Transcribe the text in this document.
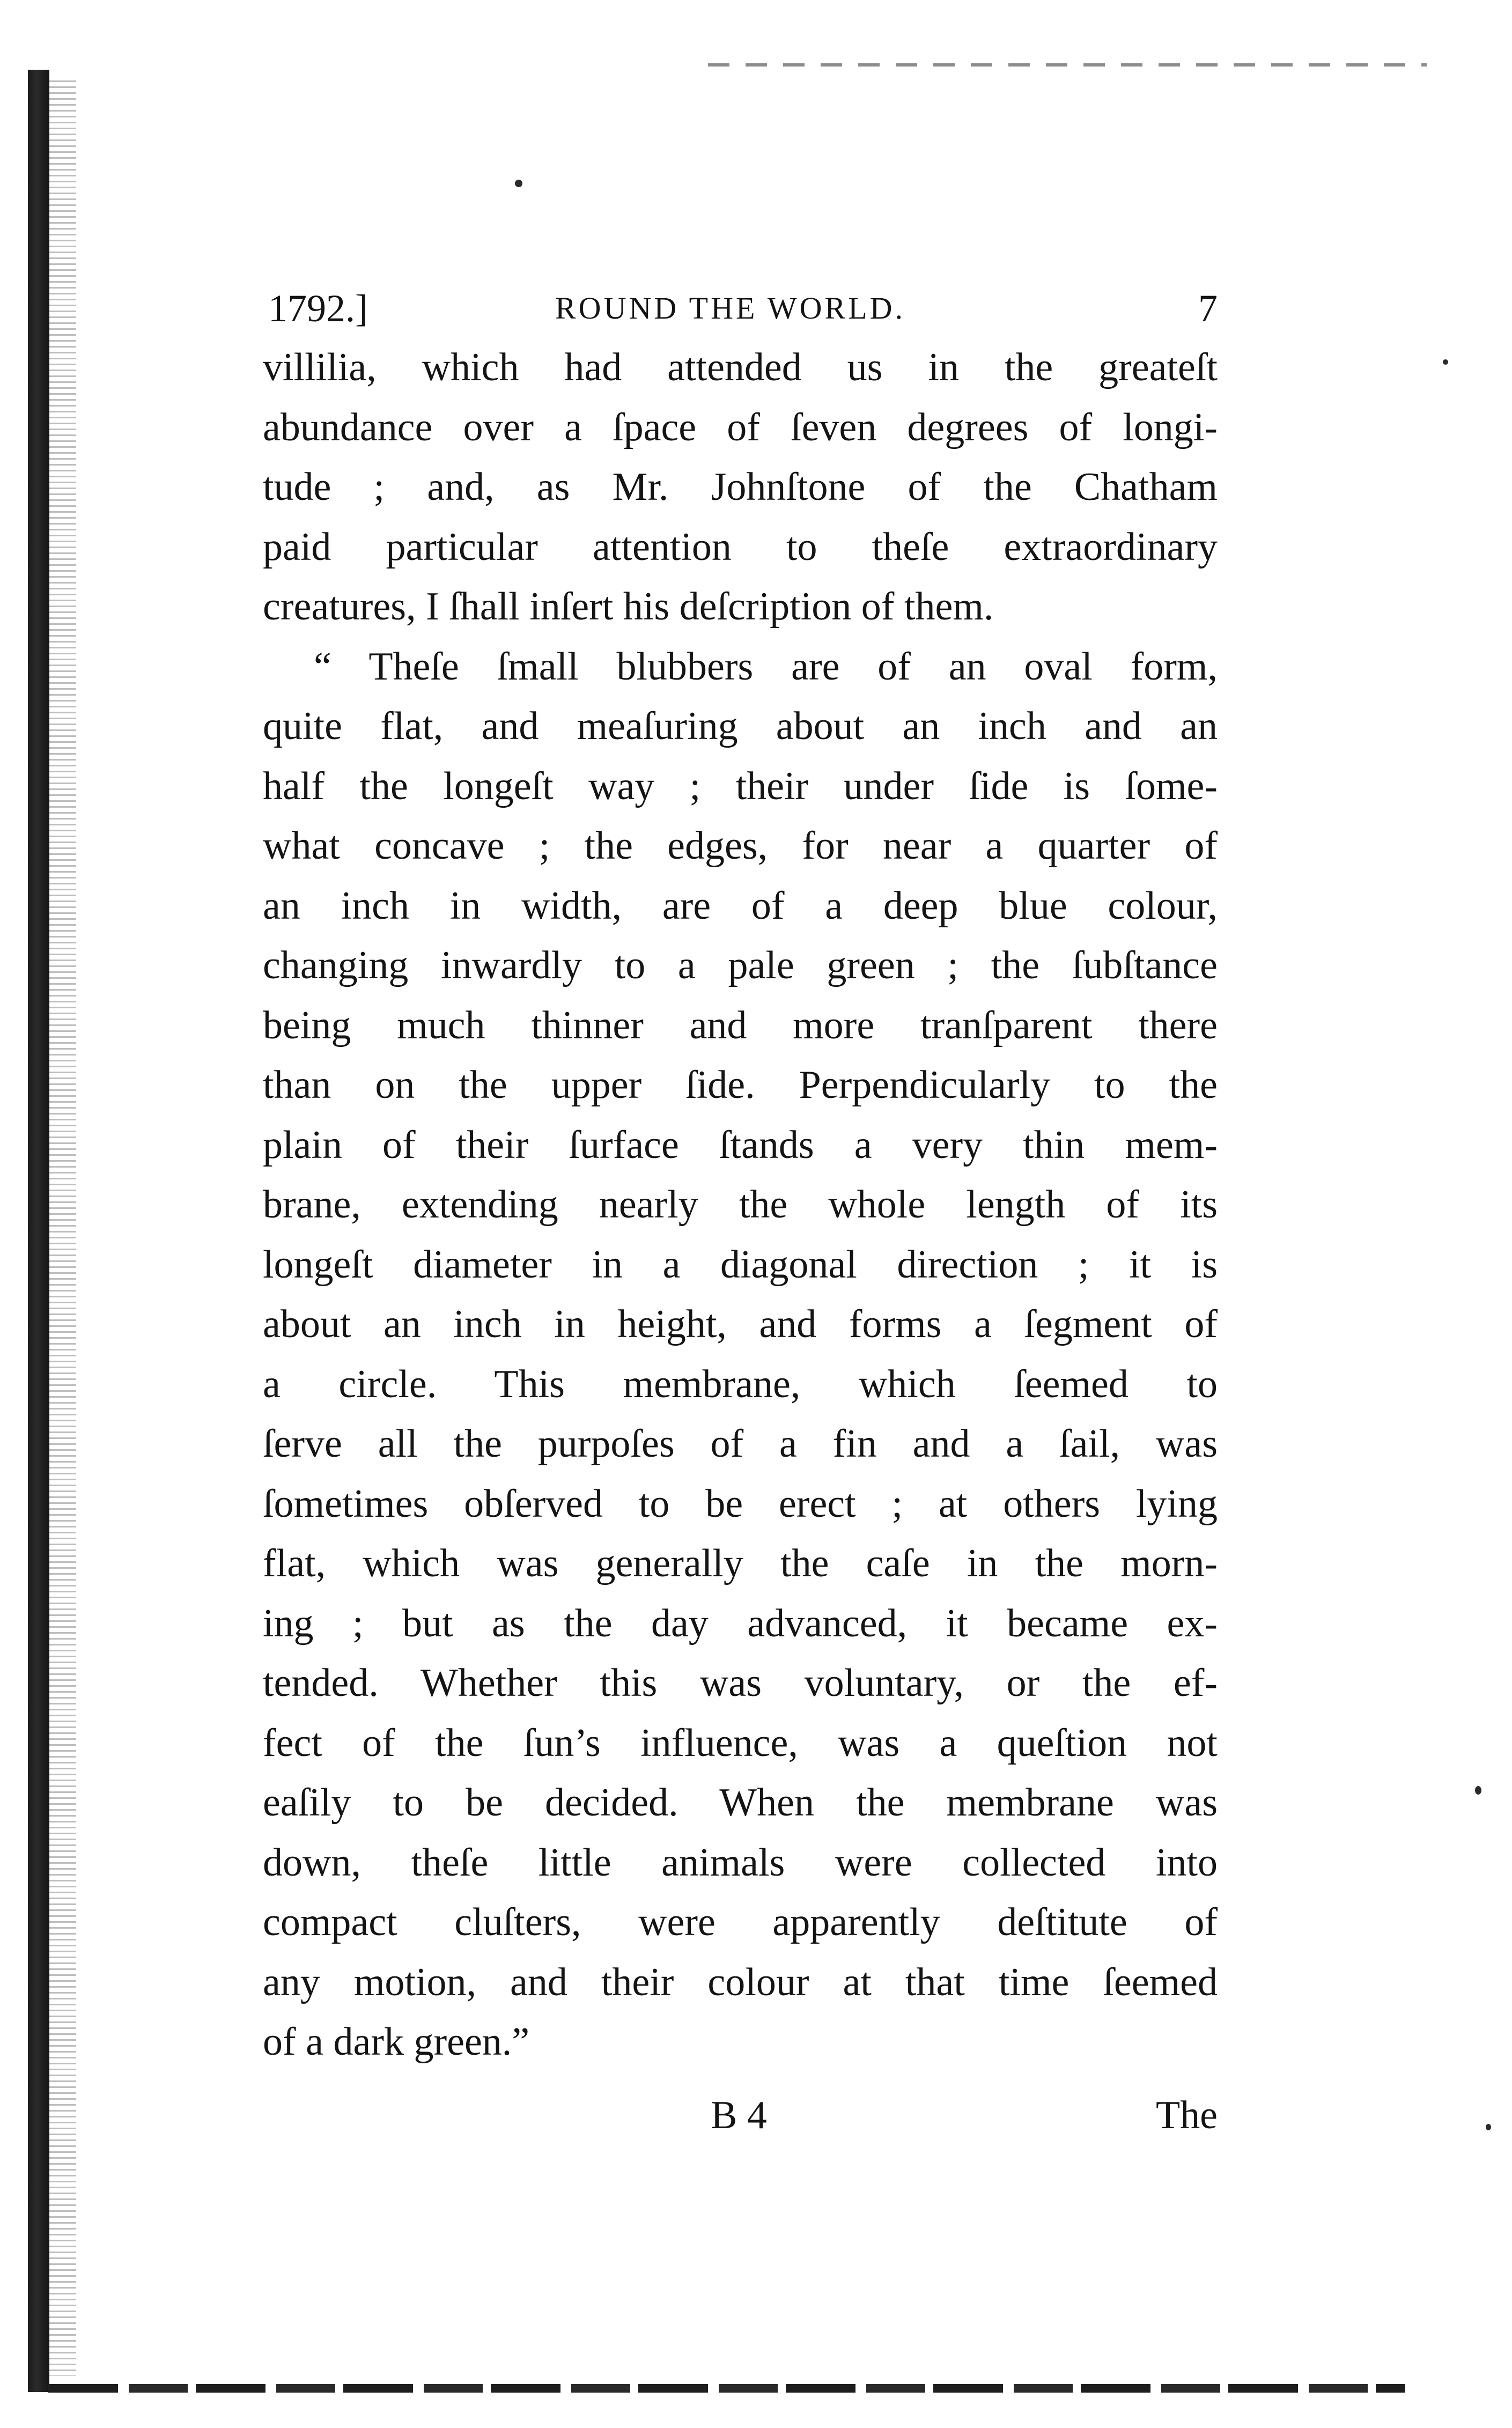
1792.]	ROUND THE WORLD.	7
villilia, which had attended us in the greateſt
abundance over a ſpace of ſeven degrees of longi-
tude ; and, as Mr. Johnſtone of the Chatham
paid particular attention to theſe extraordinary
creatures, I ſhall inſert his deſcription of them.
“ Theſe ſmall blubbers are of an oval form,
quite flat, and meaſuring about an inch and an
half the longeſt way ; their under ſide is ſome-
what concave ; the edges, for near a quarter of
an inch in width, are of a deep blue colour,
changing inwardly to a pale green ; the ſubſtance
being much thinner and more tranſparent there
than on the upper ſide. Perpendicularly to the
plain of their ſurface ſtands a very thin mem-
brane, extending nearly the whole length of its
longeſt diameter in a diagonal direction ; it is
about an inch in height, and forms a ſegment of
a circle. This membrane, which ſeemed to
ſerve all the purpoſes of a fin and a ſail, was
ſometimes obſerved to be erect ; at others lying
flat, which was generally the caſe in the morn-
ing ; but as the day advanced, it became ex-
tended. Whether this was voluntary, or the ef-
fect of the ſun’s influence, was a queſtion not
eaſily to be decided. When the membrane was
down, theſe little animals were collected into
compact cluſters, were apparently deſtitute of
any motion, and their colour at that time ſeemed
of a dark green.”
B 4	The
